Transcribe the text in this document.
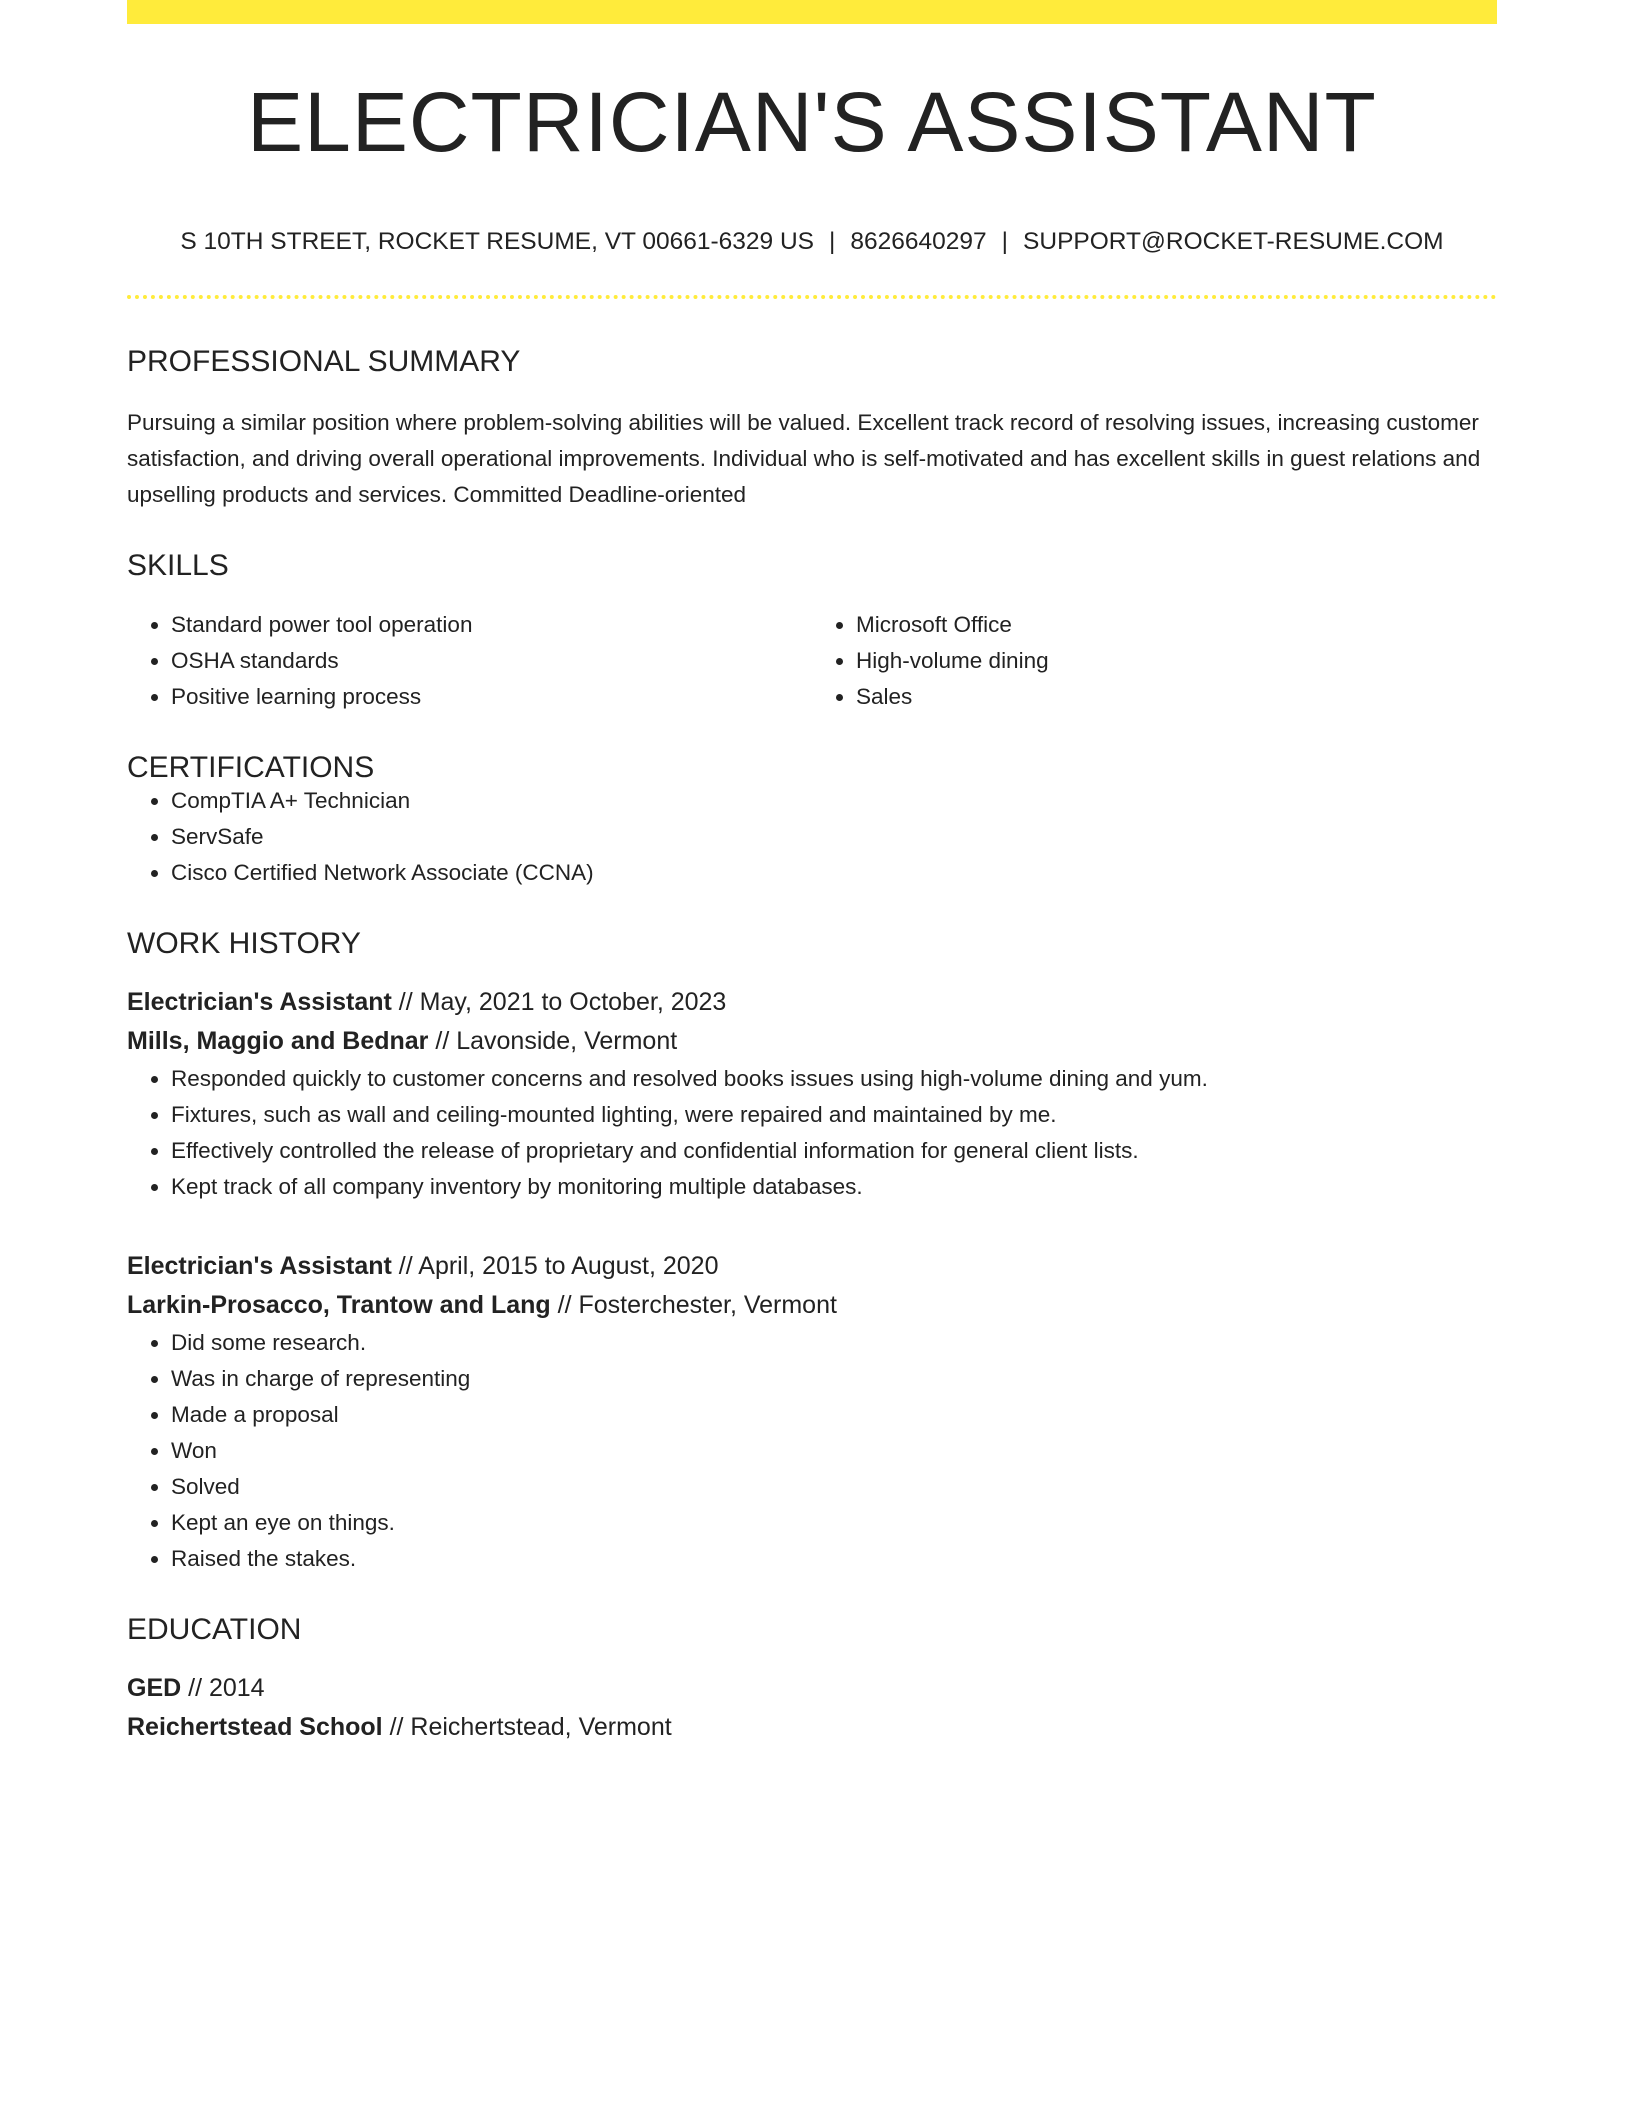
ELECTRICIAN'S ASSISTANT
S 10TH STREET, ROCKET RESUME, VT 00661-6329 US | 8626640297 | SUPPORT@ROCKET-RESUME.COM
PROFESSIONAL SUMMARY

Pursuing a similar position where problem-solving abilities will be valued. Excellent track record of resolving issues, increasing customer satisfaction, and driving overall operational improvements. Individual who is self-motivated and has excellent skills in guest relations and upselling products and services. Committed Deadline-oriented

SKILLS
• Standard power tool operation
• OSHA standards
• Positive learning process
• Microsoft Office
• High-volume dining
• Sales
CERTIFICATIONS
• CompTIA A+ Technician
• ServSafe
• Cisco Certified Network Associate (CCNA)
WORK HISTORY
Electrician's Assistant // May, 2021 to October, 2023
Mills, Maggio and Bednar // Lavonside, Vermont
• Responded quickly to customer concerns and resolved books issues using high-volume dining and yum.
• Fixtures, such as wall and ceiling-mounted lighting, were repaired and maintained by me.
• Effectively controlled the release of proprietary and confidential information for general client lists.
• Kept track of all company inventory by monitoring multiple databases.
Electrician's Assistant // April, 2015 to August, 2020
Larkin-Prosacco, Trantow and Lang // Fosterchester, Vermont
• Did some research.
• Was in charge of representing
• Made a proposal
• Won
• Solved
• Kept an eye on things.
• Raised the stakes.
EDUCATION
GED // 2014
Reichertstead School // Reichertstead, Vermont
